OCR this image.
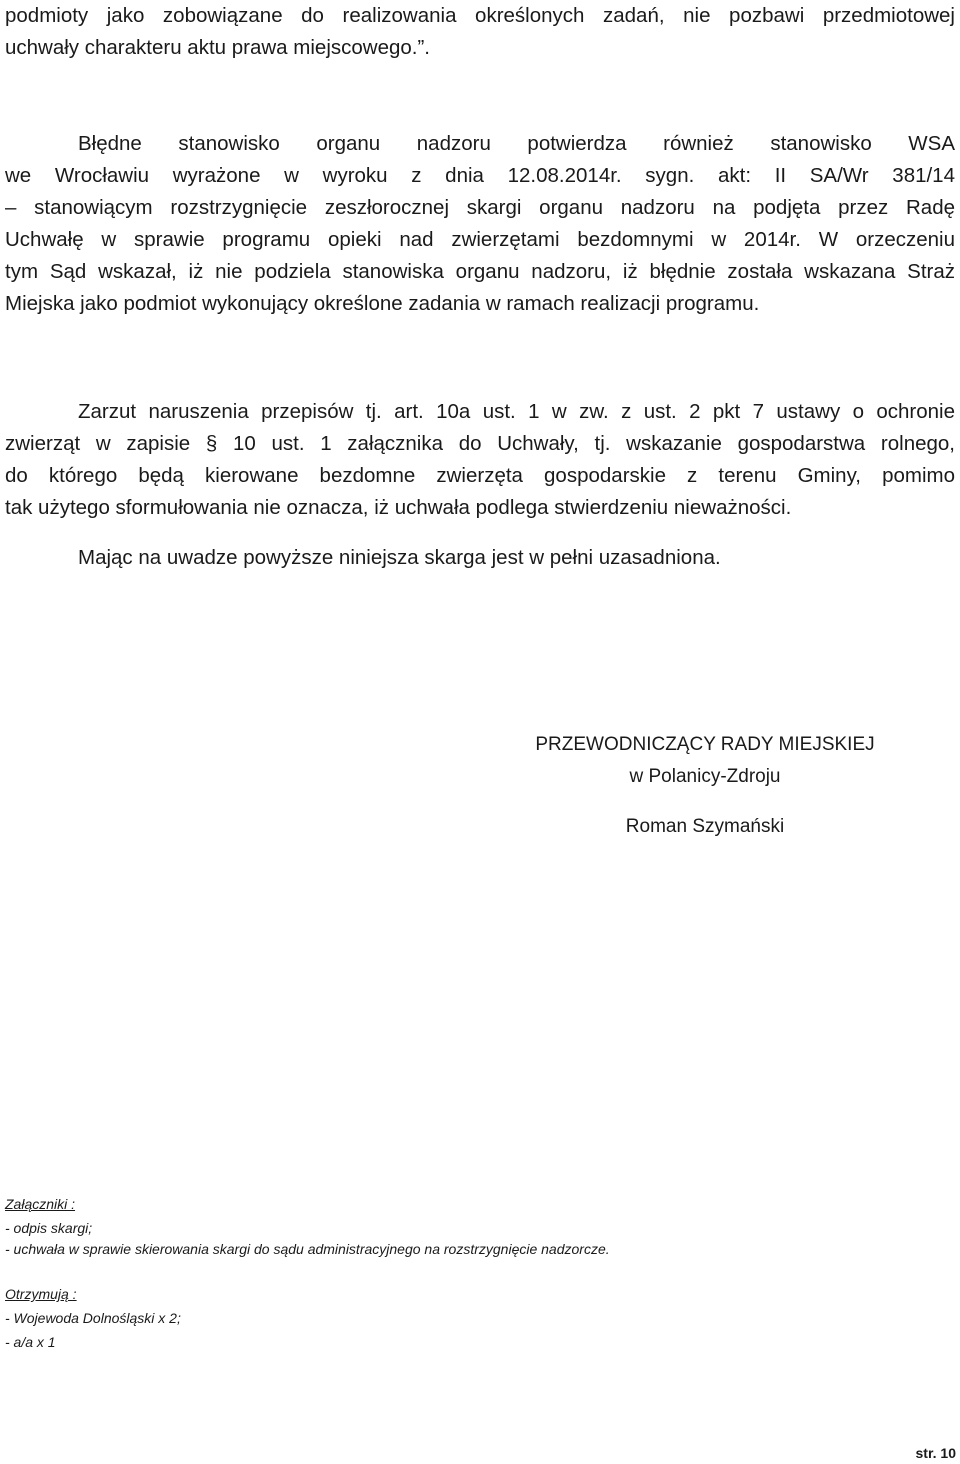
podmioty jako zobowiązane do realizowania określonych zadań, nie pozbawi przedmiotowej
uchwały charakteru aktu prawa miejscowego.”.
Błędne stanowisko organu nadzoru potwierdza również stanowisko WSA
we Wrocławiu wyrażone w wyroku z dnia 12.08.2014r. sygn. akt: II SA/Wr 381/14
– stanowiącym rozstrzygnięcie zeszłorocznej skargi organu nadzoru na podjęta przez Radę
Uchwałę w sprawie programu opieki nad zwierzętami bezdomnymi w 2014r. W orzeczeniu
tym Sąd wskazał, iż nie podziela stanowiska organu nadzoru, iż błędnie została wskazana Straż
Miejska jako podmiot wykonujący określone zadania w ramach realizacji programu.
Zarzut naruszenia przepisów tj. art. 10a ust. 1 w zw. z ust. 2 pkt 7 ustawy o ochronie
zwierząt w zapisie § 10 ust. 1 załącznika do Uchwały, tj. wskazanie gospodarstwa rolnego,
do którego będą kierowane bezdomne zwierzęta gospodarskie z terenu Gminy, pomimo
tak użytego sformułowania nie oznacza, iż uchwała podlega stwierdzeniu nieważności.
Mając na uwadze powyższe niniejsza skarga jest w pełni uzasadniona.
PRZEWODNICZĄCY RADY MIEJSKIEJ
w Polanicy-Zdroju
Roman Szymański
Załączniki :
- odpis skargi;
- uchwała w sprawie skierowania skargi do sądu administracyjnego na rozstrzygnięcie nadzorcze.
Otrzymują :
- Wojewoda Dolnośląski x 2;
- a/a x 1
str. 10
